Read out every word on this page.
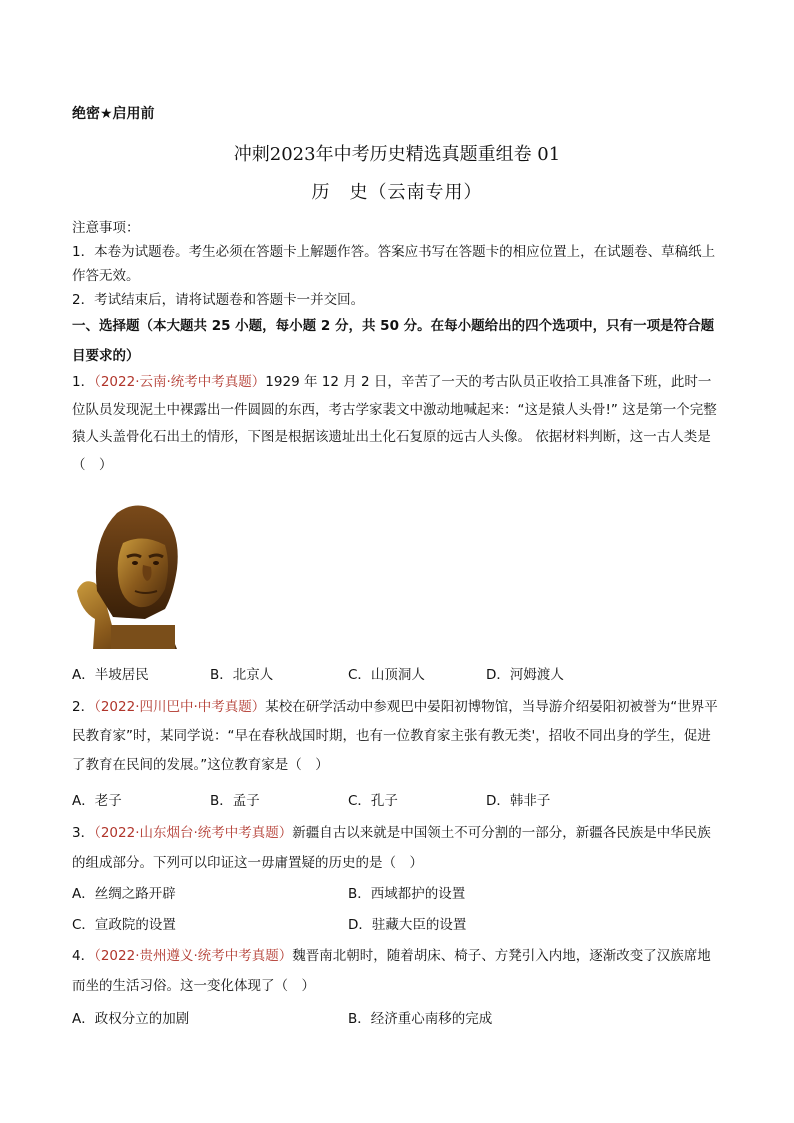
绝密★启用前
冲刺2023年中考历史精选真题重组卷 01
历　史（云南专用）
注意事项：
1．本卷为试题卷。考生必须在答题卡上解题作答。答案应书写在答题卡的相应位置上，在试题卷、草稿纸上作答无效。
2．考试结束后，请将试题卷和答题卡一并交回。
一、选择题（本大题共 25 小题，每小题 2 分，共 50 分。在每小题给出的四个选项中，只有一项是符合题目要求的）
1．（2022·云南·统考中考真题）1929 年 12 月 2 日，辛苦了一天的考古队员正收拾工具准备下班，此时一位队员发现泥土中裸露出一件圆圆的东西，考古学家裴文中激动地喊起来：“这是猿人头骨!” 这是第一个完整猿人头盖骨化石出土的情形，下图是根据该遗址出土化石复原的远古人头像。 依据材料判断，这一古人类是（　）
A．半坡居民	B．北京人	C．山顶洞人	D．河姆渡人
2．（2022·四川巴中·中考真题）某校在研学活动中参观巴中晏阳初博物馆，当导游介绍晏阳初被誉为“世界平民教育家”时，某同学说：“早在春秋战国时期，也有一位教育家主张有教无类'，招收不同出身的学生，促进了教育在民间的发展。”这位教育家是（　）
A．老子	B．孟子	C．孔子	D．韩非子
3．（2022·山东烟台·统考中考真题）新疆自古以来就是中国领土不可分割的一部分，新疆各民族是中华民族的组成部分。下列可以印证这一毋庸置疑的历史的是（　）
A．丝绸之路开辟	B．西域都护的设置
C．宣政院的设置	D．驻藏大臣的设置
4．（2022·贵州遵义·统考中考真题）魏晋南北朝时，随着胡床、椅子、方凳引入内地，逐渐改变了汉族席地而坐的生活习俗。这一变化体现了（　）
A．政权分立的加剧	B．经济重心南移的完成
